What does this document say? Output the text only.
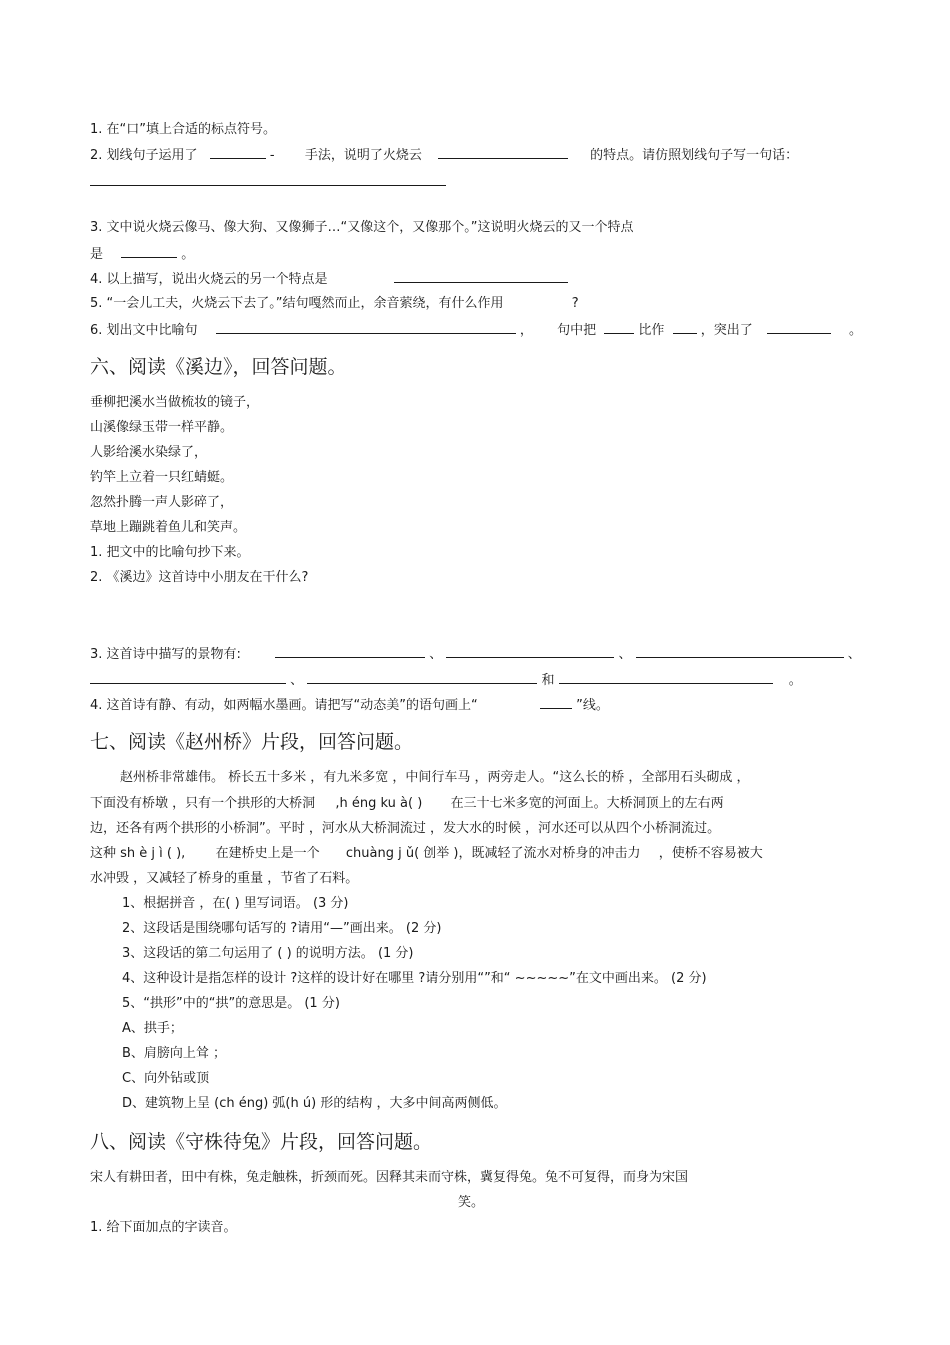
1. 在“口”填上合适的标点符号。
2. 划线句子运用了	- 手法，说明了火烧云	的特点。请仿照划线句子写一句话：
3. 文中说火烧云像马、像大狗、又像狮子…“又像这个，又像那个。”这说明火烧云的又一个特点
是	。
4. 以上描写，说出火烧云的另一个特点是
5. “一会儿工夫，火烧云下去了。”结句嘎然而止，余音萦绕，有什么作用	?
6. 划出文中比喻句	， 句中把	比作	，突出了	。
六、阅读《溪边》，回答问题。
垂柳把溪水当做梳妆的镜子，
山溪像绿玉带一样平静。
人影给溪水染绿了，
钓竿上立着一只红蜻蜓。
忽然扑腾一声人影碎了，
草地上蹦跳着鱼儿和笑声。
1. 把文中的比喻句抄下来。
2. 《溪边》这首诗中小朋友在干什么?
3. 这首诗中描写的景物有:	、	、	、
、	和	。
4. 这首诗有静、有动，如两幅水墨画。请把写“动态美”的语句画上“	”线。
七、阅读《赵州桥》片段，回答问题。
赵州桥非常雄伟。 桥长五十多米 ，有九米多宽 ，中间行车马 ，两旁走人。“这么长的桥 ，全部用石头砌成 ，
下面没有桥墩 ，只有一个拱形的大桥洞 ,h éng ku à( ) 在三十七米多宽的河面上。大桥洞顶上的左右两
边，还各有两个拱形的小桥洞”。平时 ，河水从大桥洞流过 ，发大水的时候 ，河水还可以从四个小桥洞流过。
这种 sh è j ì ( ), 在建桥史上是一个 chuàng j ǔ( 创举 )，既减轻了流水对桥身的冲击力 ，使桥不容易被大
水冲毁 ，又减轻了桥身的重量 ，节省了石料。
1、根据拼音 ，在( ) 里写词语。 (3 分)
2、这段话是围绕哪句话写的 ?请用“—”画出来。 (2 分)
3、这段话的第二句运用了 ( ) 的说明方法。 (1 分)
4、这种设计是指怎样的设计 ?这样的设计好在哪里 ?请分别用“”和“ ~~~~~”在文中画出来。 (2 分)
5、“拱形”中的“拱”的意思是。 (1 分)
A、拱手；
B、肩膀向上耸 ；
C、向外钻或顶
D、建筑物上呈 (ch éng) 弧(h ú) 形的结构 ，大多中间高两侧低。
八、阅读《守株待兔》片段，回答问题。
宋人有耕田者，田中有株，兔走触株，折颈而死。因释其耒而守株，冀复得兔。兔不可复得，而身为宋国
笑。
1. 给下面加点的字读音。
